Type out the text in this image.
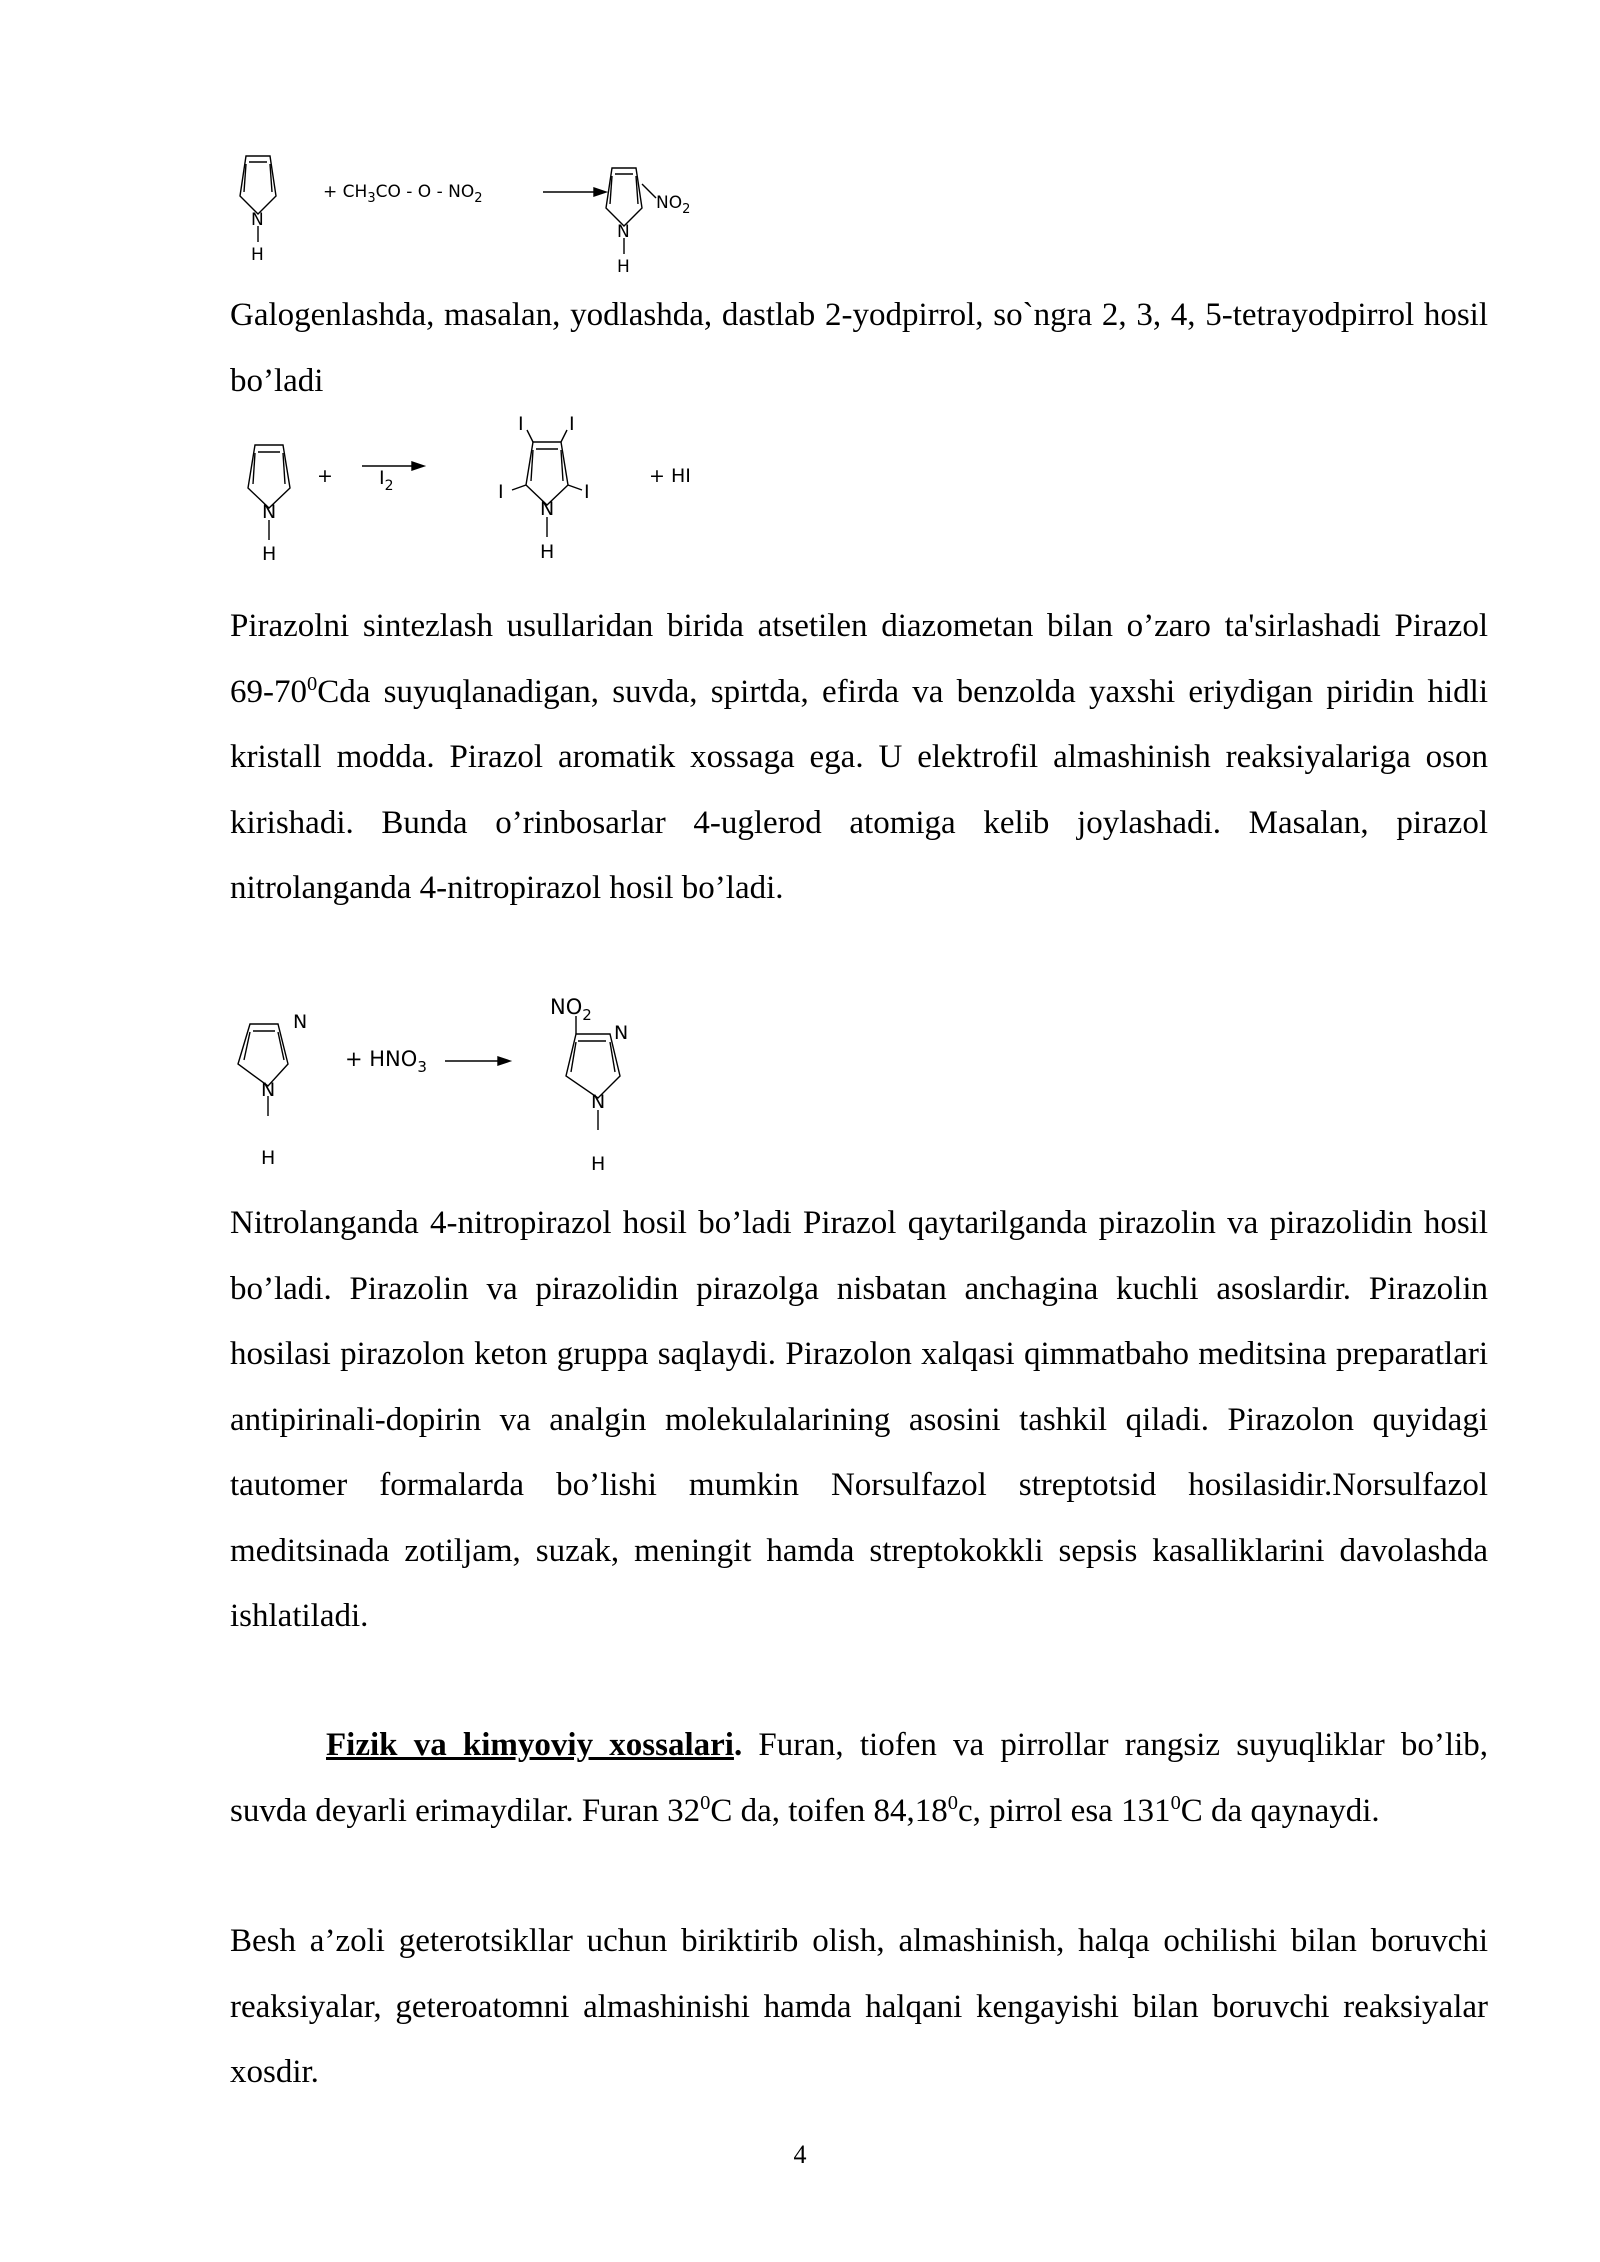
N
H
+ $CH_3CO$ - O - $NO_2$
N
H
$NO_2$

Galogenlashda, masalan, yodlashda, dastlab 2-yodpirrol, so`ngra 2, 3, 4, 5-tetrayodpirrol hosil bo’ladi

N
H
+ $I_2$
I I
I	I
N
H
+ HI

Pirazolni sintezlash usullaridan birida atsetilen diazometan bilan o’zaro ta'sirlashadi Pirazol $69-70^0Cda$ suyuqlanadigan, suvda, spirtda, efirda va benzolda yaxshi eriydigan piridin hidli kristall modda. Pirazol aromatik xossaga ega. U elektrofil almashinish reaksiyalariga oson kirishadi. Bunda o’rinbosarlar 4-uglerod atomiga kelib joylashadi. Masalan, pirazol nitrolanganda 4-nitropirazol hosil bo’ladi.

N
N
H
+ $HNO_3$
$NO_2$
N
N
H

Nitrolanganda 4-nitropirazol hosil bo’ladi Pirazol qaytarilganda pirazolin va pirazolidin hosil bo’ladi. Pirazolin va pirazolidin pirazolga nisbatan anchagina kuchli asoslardir. Pirazolin hosilasi pirazolon keton gruppa saqlaydi. Pirazolon xalqasi qimmatbaho meditsina preparatlari antipirinali-dopirin va analgin molekulalarining asosini tashkil qiladi. Pirazolon quyidagi tautomer formalarda bo’lishi mumkin Norsulfazol streptotsid hosilasidir.Norsulfazol meditsinada zotiljam, suzak, meningit hamda streptokokkli sepsis kasalliklarini davolashda ishlatiladi.

Fizik va kimyoviy xossalari. Furan, tiofen va pirrollar rangsiz suyuqliklar bo’lib, suvda deyarli erimaydilar. Furan $32^0C$ da, toifen 84,18$^0$c, pirrol esa $131^0C$ da qaynaydi.

Besh a’zoli geterotsikllar uchun biriktirib olish, almashinish, halqa ochilishi bilan boruvchi reaksiyalar, geteroatomni almashinishi hamda halqani kengayishi bilan boruvchi reaksiyalar xosdir.

4
